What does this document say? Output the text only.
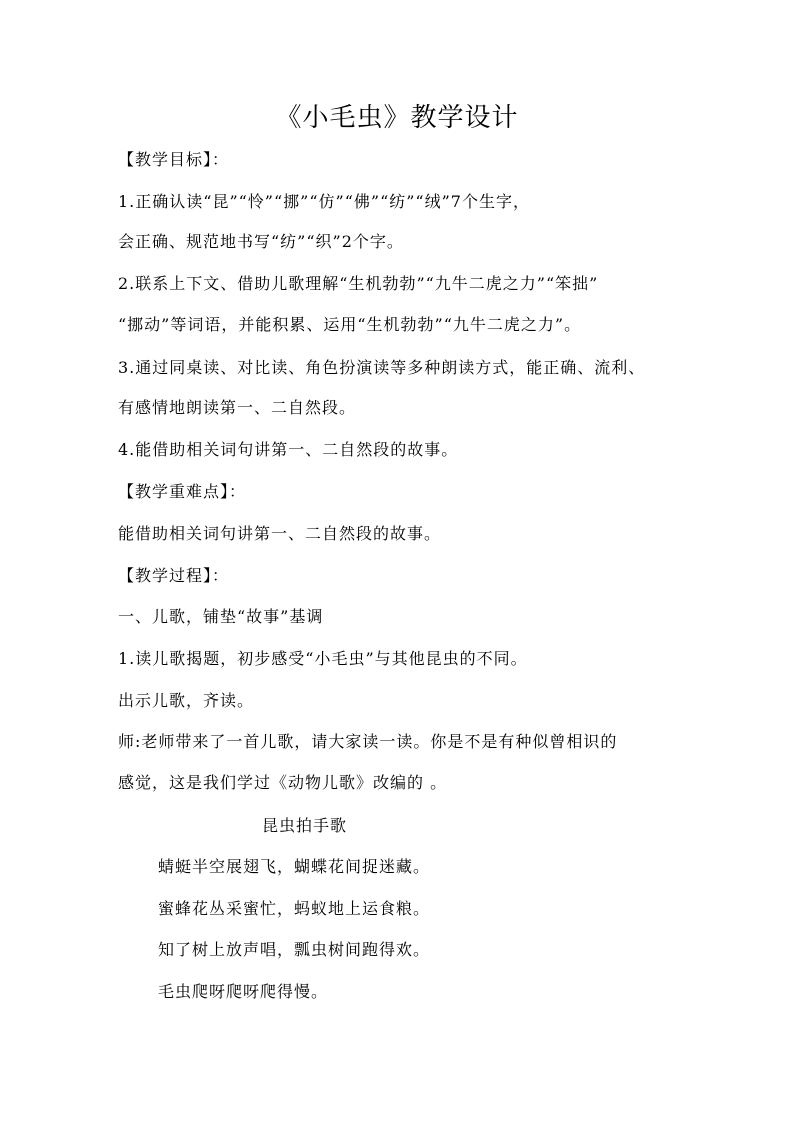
《小毛虫》教学设计
【教学目标】：
1.正确认读“昆”“怜”“挪”“仿”“佛”“纺”“绒”7个生字，
会正确、规范地书写“纺”“织”2个字。
2.联系上下文、借助儿歌理解“生机勃勃”“九牛二虎之力”“笨拙”
“挪动”等词语，并能积累、运用“生机勃勃”“九牛二虎之力”。
3.通过同桌读、对比读、角色扮演读等多种朗读方式，能正确、流利、
有感情地朗读第一、二自然段。
4.能借助相关词句讲第一、二自然段的故事。
【教学重难点】：
能借助相关词句讲第一、二自然段的故事。
【教学过程】：
一、儿歌，铺垫“故事”基调
1.读儿歌揭题，初步感受“小毛虫”与其他昆虫的不同。
出示儿歌，齐读。
师:老师带来了一首儿歌，请大家读一读。你是不是有种似曾相识的
感觉，这是我们学过《动物儿歌》改编的 。
昆虫拍手歌
蜻蜓半空展翅飞，蝴蝶花间捉迷藏。
蜜蜂花丛采蜜忙，蚂蚁地上运食粮。
知了树上放声唱，瓢虫树间跑得欢。
毛虫爬呀爬呀爬得慢。
